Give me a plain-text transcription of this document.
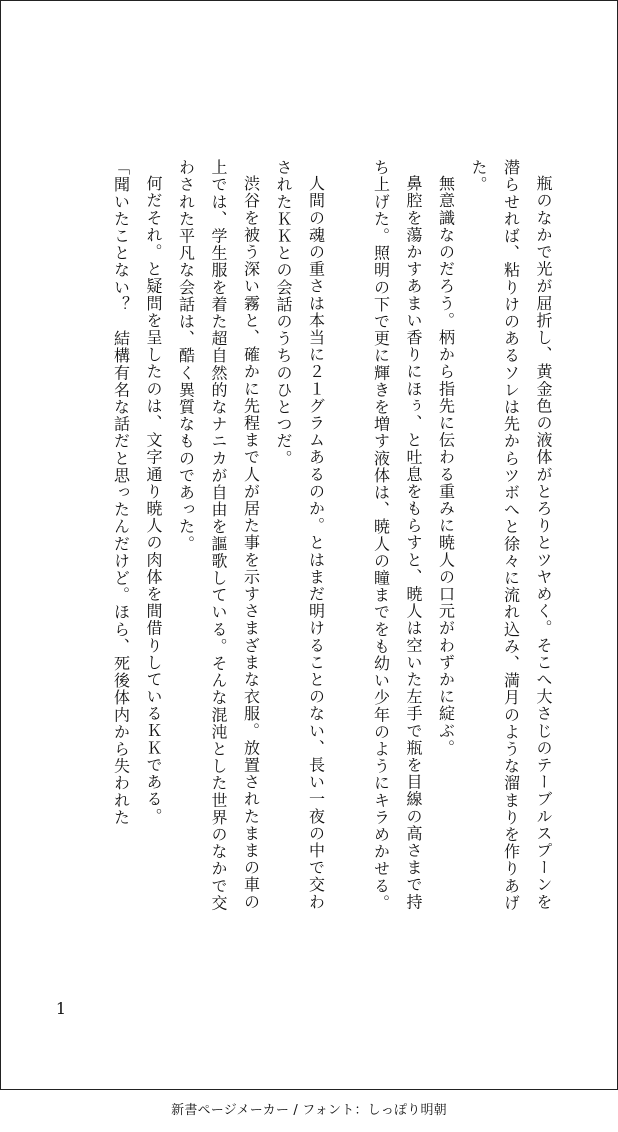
瓶のなかで光が屈折し、黄金色の液体がとろりとツヤめく。そこへ大さじのテーブルスプーンを潜らせれば、粘りけのあるソレは先からツボへと徐々に流れ込み、満月のような溜まりを作りあげた。

無意識なのだろう。柄から指先に伝わる重みに暁人の口元がわずかに綻ぶ。

鼻腔を蕩かすあまい香りにほぅ、と吐息をもらすと、暁人は空いた左手で瓶を目線の高さまで持ち上げた。照明の下で更に輝きを増す液体は、暁人の瞳までをも幼い少年のようにキラめかせる。

人間の魂の重さは本当に２１グラムあるのか。とはまだ明けることのない、長い一夜の中で交わされたＫＫとの会話のうちのひとつだ。

渋谷を被う深い霧と、確かに先程まで人が居た事を示すさまざまな衣服。放置されたままの車の上では、学生服を着た超自然的なナニカが自由を謳歌している。そんな混沌とした世界のなかで交わされた平凡な会話は、酷く異質なものであった。

何だそれ。と疑問を呈したのは、文字通り暁人の肉体を間借りしているＫＫである。

「聞いたことない？　結構有名な話だと思ったんだけど。ほら、死後体内から失われた

1
新書ページメーカー / フォント：しっぽり明朝
